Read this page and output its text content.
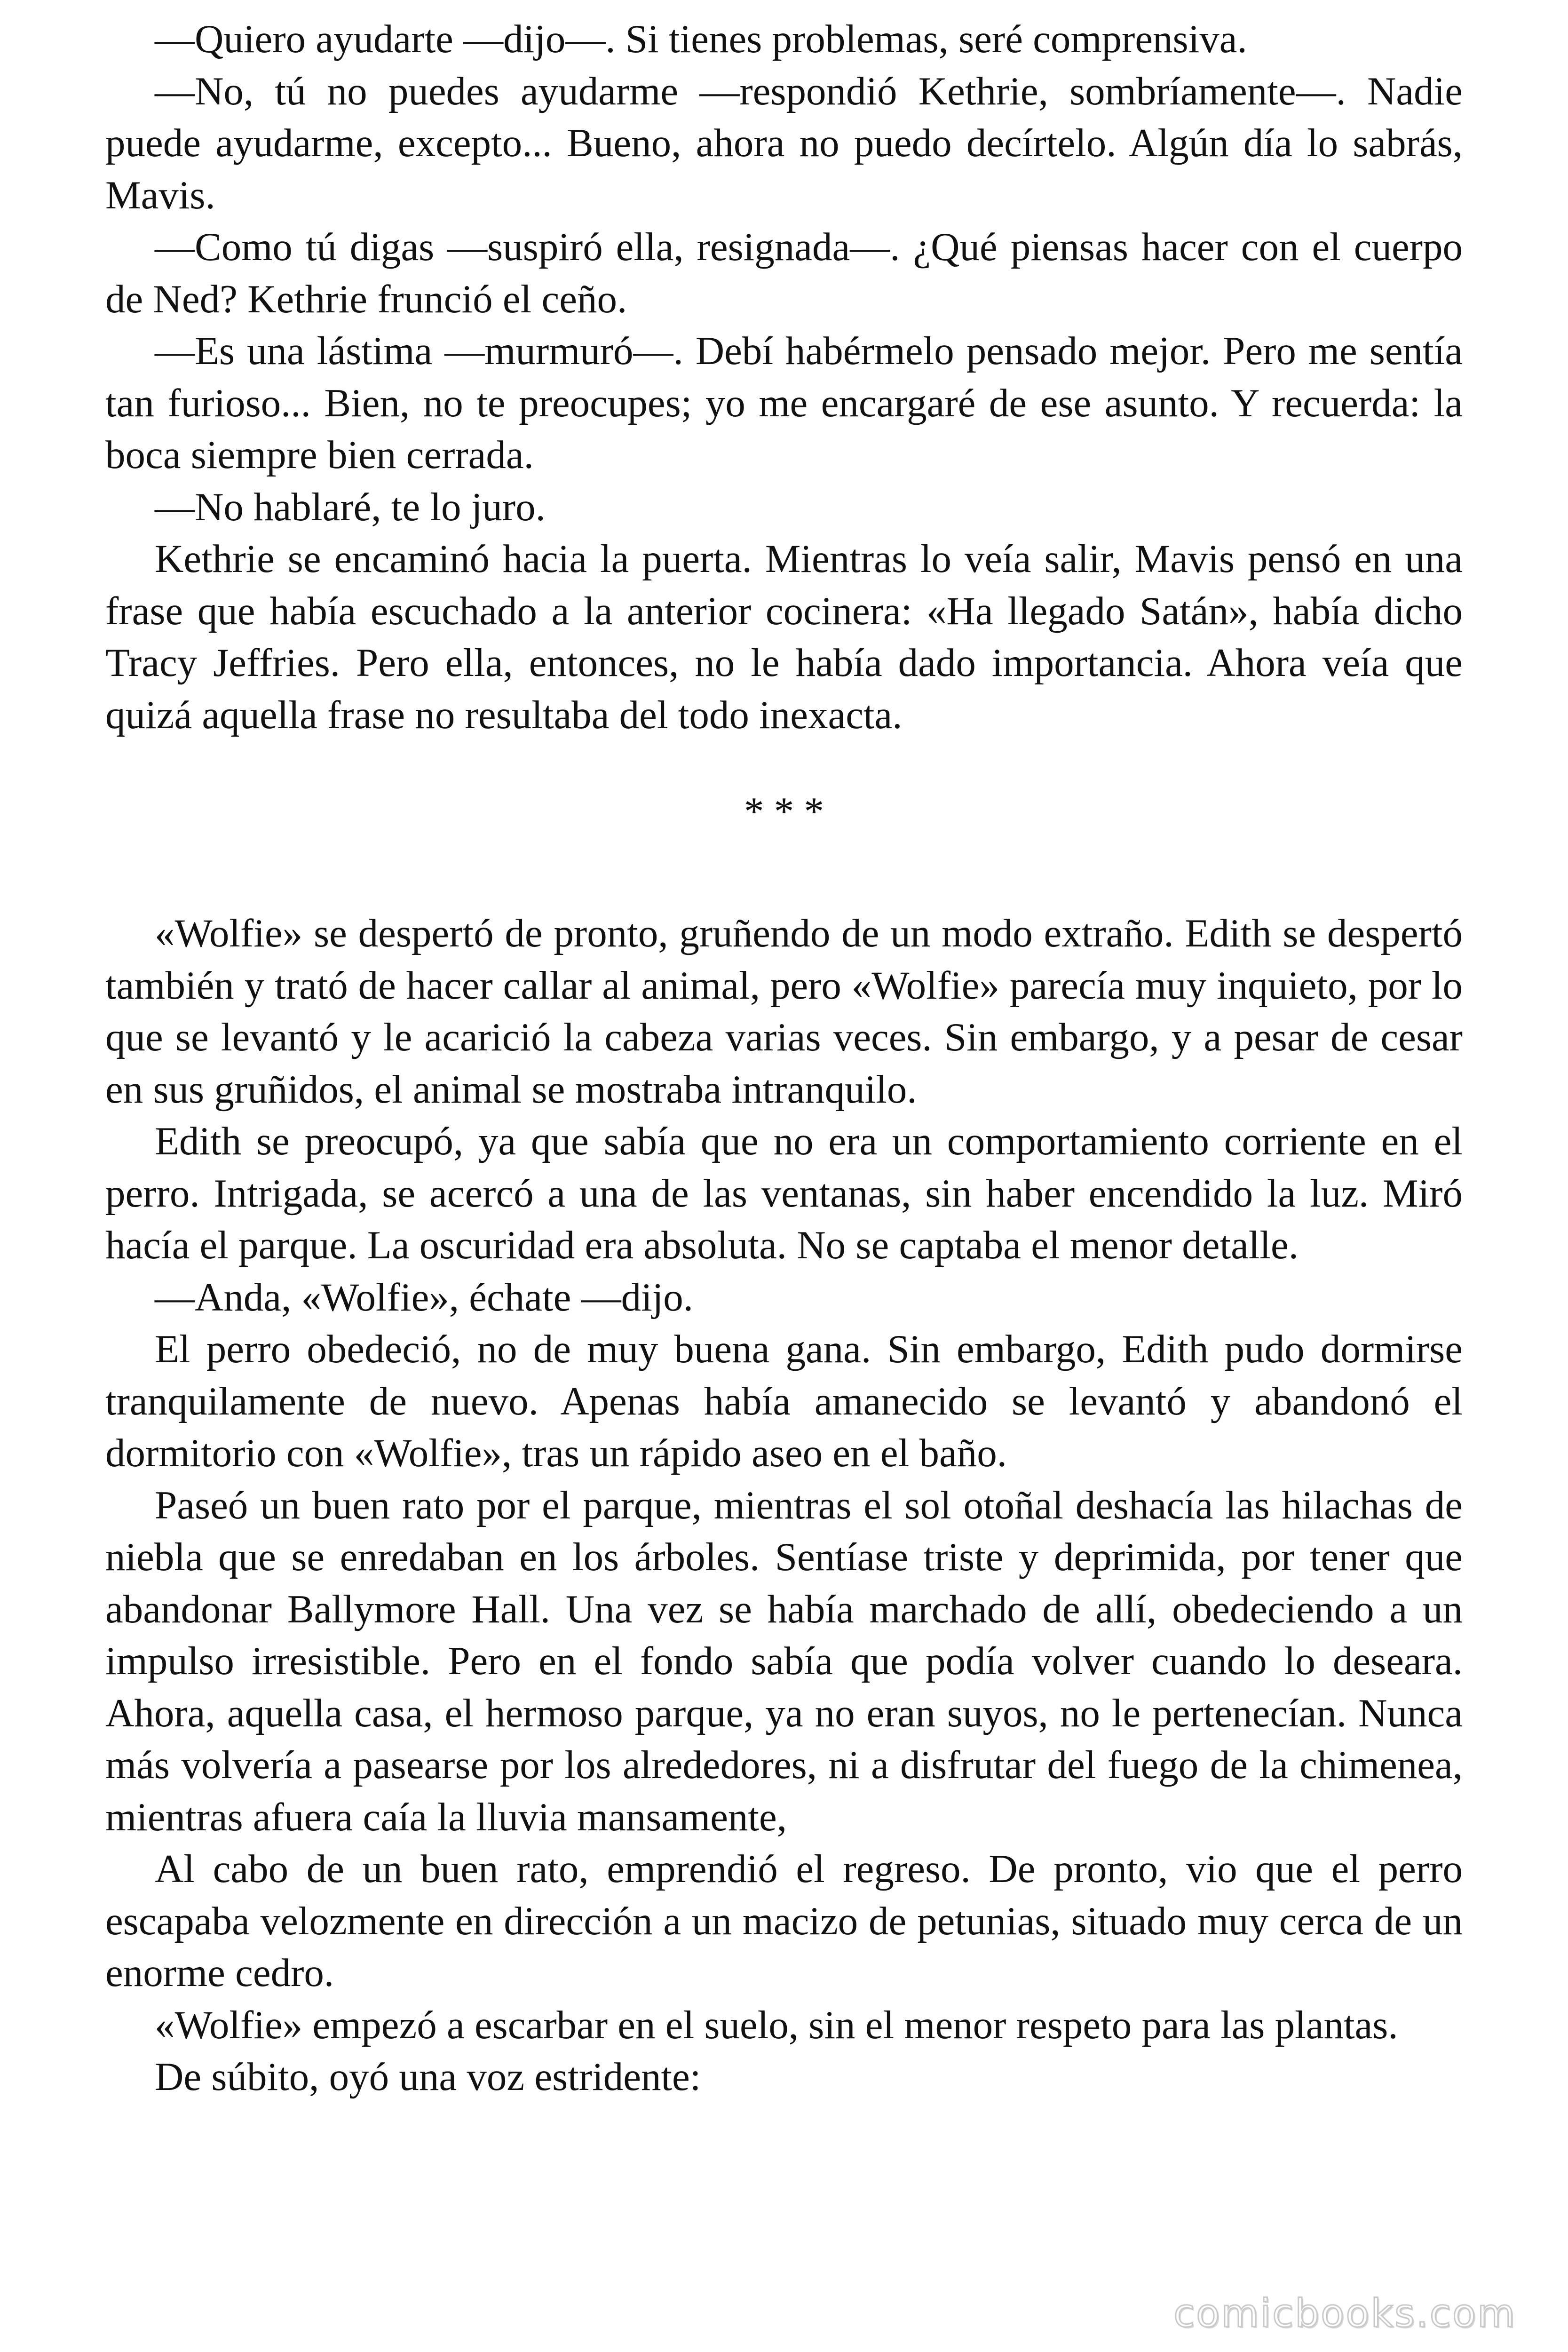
—Quiero ayudarte —dijo—. Si tienes problemas, seré comprensiva.

—No, tú no puedes ayudarme —respondió Kethrie, sombríamente—. Nadie puede ayudarme, excepto... Bueno, ahora no puedo decírtelo. Algún día lo sabrás, Mavis.

—Como tú digas —suspiró ella, resignada—. ¿Qué piensas hacer con el cuerpo de Ned? Kethrie frunció el ceño.

—Es una lástima —murmuró—. Debí habérmelo pensado mejor. Pero me sentía tan furioso... Bien, no te preocupes; yo me encargaré de ese asunto. Y recuerda: la boca siempre bien cerrada.

—No hablaré, te lo juro.

Kethrie se encaminó hacia la puerta. Mientras lo veía salir, Mavis pensó en una frase que había escuchado a la anterior cocinera: «Ha llegado Satán», había dicho Tracy Jeffries. Pero ella, entonces, no le había dado importancia. Ahora veía que quizá aquella frase no resultaba del todo inexacta.

* * *

«Wolfie» se despertó de pronto, gruñendo de un modo extraño. Edith se despertó también y trató de hacer callar al animal, pero «Wolfie» parecía muy inquieto, por lo que se levantó y le acarició la cabeza varias veces. Sin embargo, y a pesar de cesar en sus gruñidos, el animal se mostraba intranquilo.

Edith se preocupó, ya que sabía que no era un comportamiento corriente en el perro. Intrigada, se acercó a una de las ventanas, sin haber encendido la luz. Miró hacía el parque. La oscuridad era absoluta. No se captaba el menor detalle.

—Anda, «Wolfie», échate —dijo.

El perro obedeció, no de muy buena gana. Sin embargo, Edith pudo dormirse tranquilamente de nuevo. Apenas había amanecido se levantó y abandonó el dormitorio con «Wolfie», tras un rápido aseo en el baño.

Paseó un buen rato por el parque, mientras el sol otoñal deshacía las hilachas de niebla que se enredaban en los árboles. Sentíase triste y deprimida, por tener que abandonar Ballymore Hall. Una vez se había marchado de allí, obedeciendo a un impulso irresistible. Pero en el fondo sabía que podía volver cuando lo deseara. Ahora, aquella casa, el hermoso parque, ya no eran suyos, no le pertenecían. Nunca más volvería a pasearse por los alrededores, ni a disfrutar del fuego de la chimenea, mientras afuera caía la lluvia mansamente,

Al cabo de un buen rato, emprendió el regreso. De pronto, vio que el perro escapaba velozmente en dirección a un macizo de petunias, situado muy cerca de un enorme cedro.

«Wolfie» empezó a escarbar en el suelo, sin el menor respeto para las plantas.

De súbito, oyó una voz estridente:

comicbooks.com
